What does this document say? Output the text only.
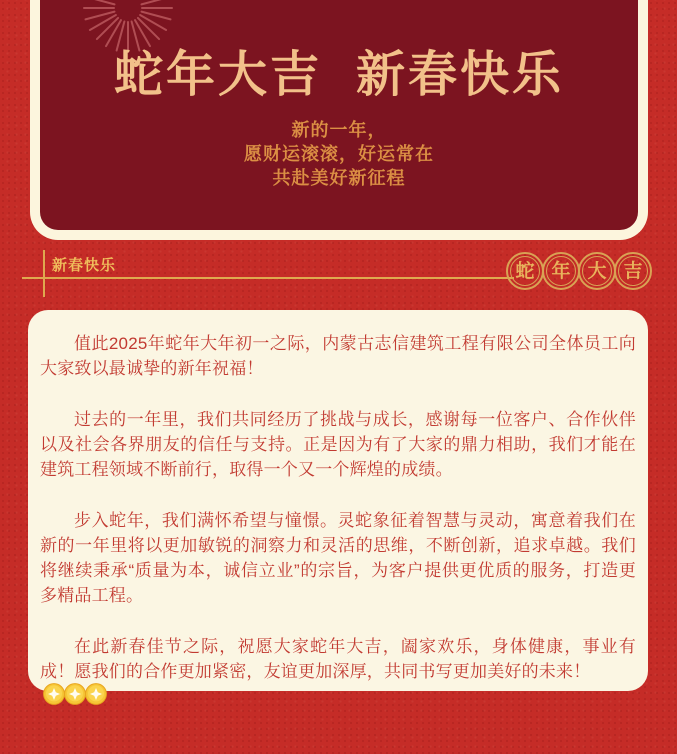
蛇年大吉 新春快乐
新的一年，
愿财运滚滚，好运常在
共赴美好新征程
新春快乐	蛇 年 大 吉

值此2025年蛇年大年初一之际，内蒙古志信建筑工程有限公司全体员工向大家致以最诚挚的新年祝福！

过去的一年里，我们共同经历了挑战与成长，感谢每一位客户、合作伙伴以及社会各界朋友的信任与支持。正是因为有了大家的鼎力相助，我们才能在建筑工程领域不断前行，取得一个又一个辉煌的成绩。

步入蛇年，我们满怀希望与憧憬。灵蛇象征着智慧与灵动，寓意着我们在新的一年里将以更加敏锐的洞察力和灵活的思维，不断创新，追求卓越。我们将继续秉承“质量为本，诚信立业”的宗旨，为客户提供更优质的服务，打造更多精品工程。

在此新春佳节之际，祝愿大家蛇年大吉，阖家欢乐，身体健康，事业有成！愿我们的合作更加紧密，友谊更加深厚，共同书写更加美好的未来！
